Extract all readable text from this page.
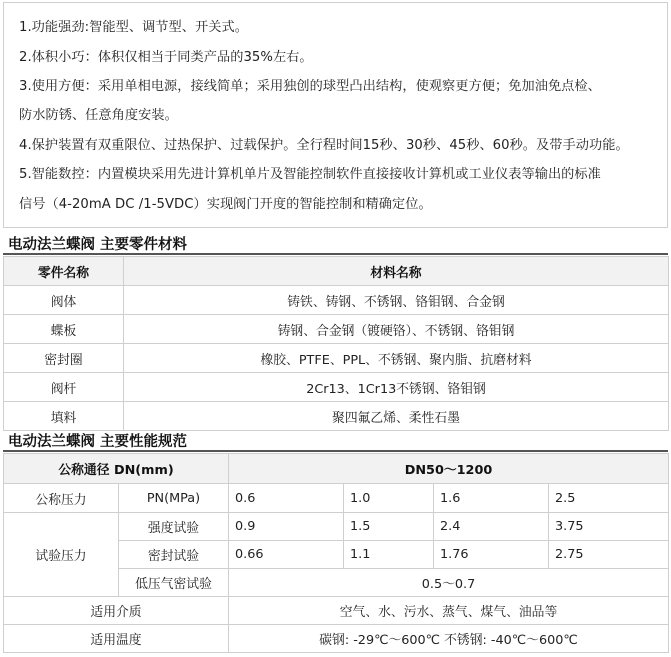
1.功能强劲:智能型、调节型、开关式。
2.体积小巧：体积仅相当于同类产品的35%左右。
3.使用方便：采用单相电源，接线简单；采用独创的球型凸出结构，使观察更方便；免加油免点检、
防水防锈、任意角度安装。
4.保护装置有双重限位、过热保护、过载保护。全行程时间15秒、30秒、45秒、60秒。及带手动功能。
5.智能数控：内置模块采用先进计算机单片及智能控制软件直接接收计算机或工业仪表等输出的标准
信号（4-20mA DC /1-5VDC）实现阀门开度的智能控制和精确定位。
电动法兰蝶阀 主要零件材料
零件名称	材料名称
阀体	铸铁、铸钢、不锈钢、铬钼钢、合金钢
蝶板	铸钢、合金钢（镀硬铬）、不锈钢、铬钼钢
密封圈	橡胶、PTFE、PPL、不锈钢、聚内脂、抗磨材料
阀杆	2Cr13、1Cr13不锈钢、铬钼钢
填料	聚四氟乙烯、柔性石墨
电动法兰蝶阀 主要性能规范
公称通径 DN(mm)		DN50～1200			
公称压力	PN(MPa)	0.6	1.0	1.6	2.5
试验压力	强度试验	0.9	1.5	2.4	3.75
	密封试验	0.66	1.1	1.76	2.75
	低压气密试验	0.5～0.7			
适用介质		空气、水、污水、蒸气、煤气、油品等			
适用温度		碳钢: -29℃～600℃ 不锈钢: -40℃～600℃			
